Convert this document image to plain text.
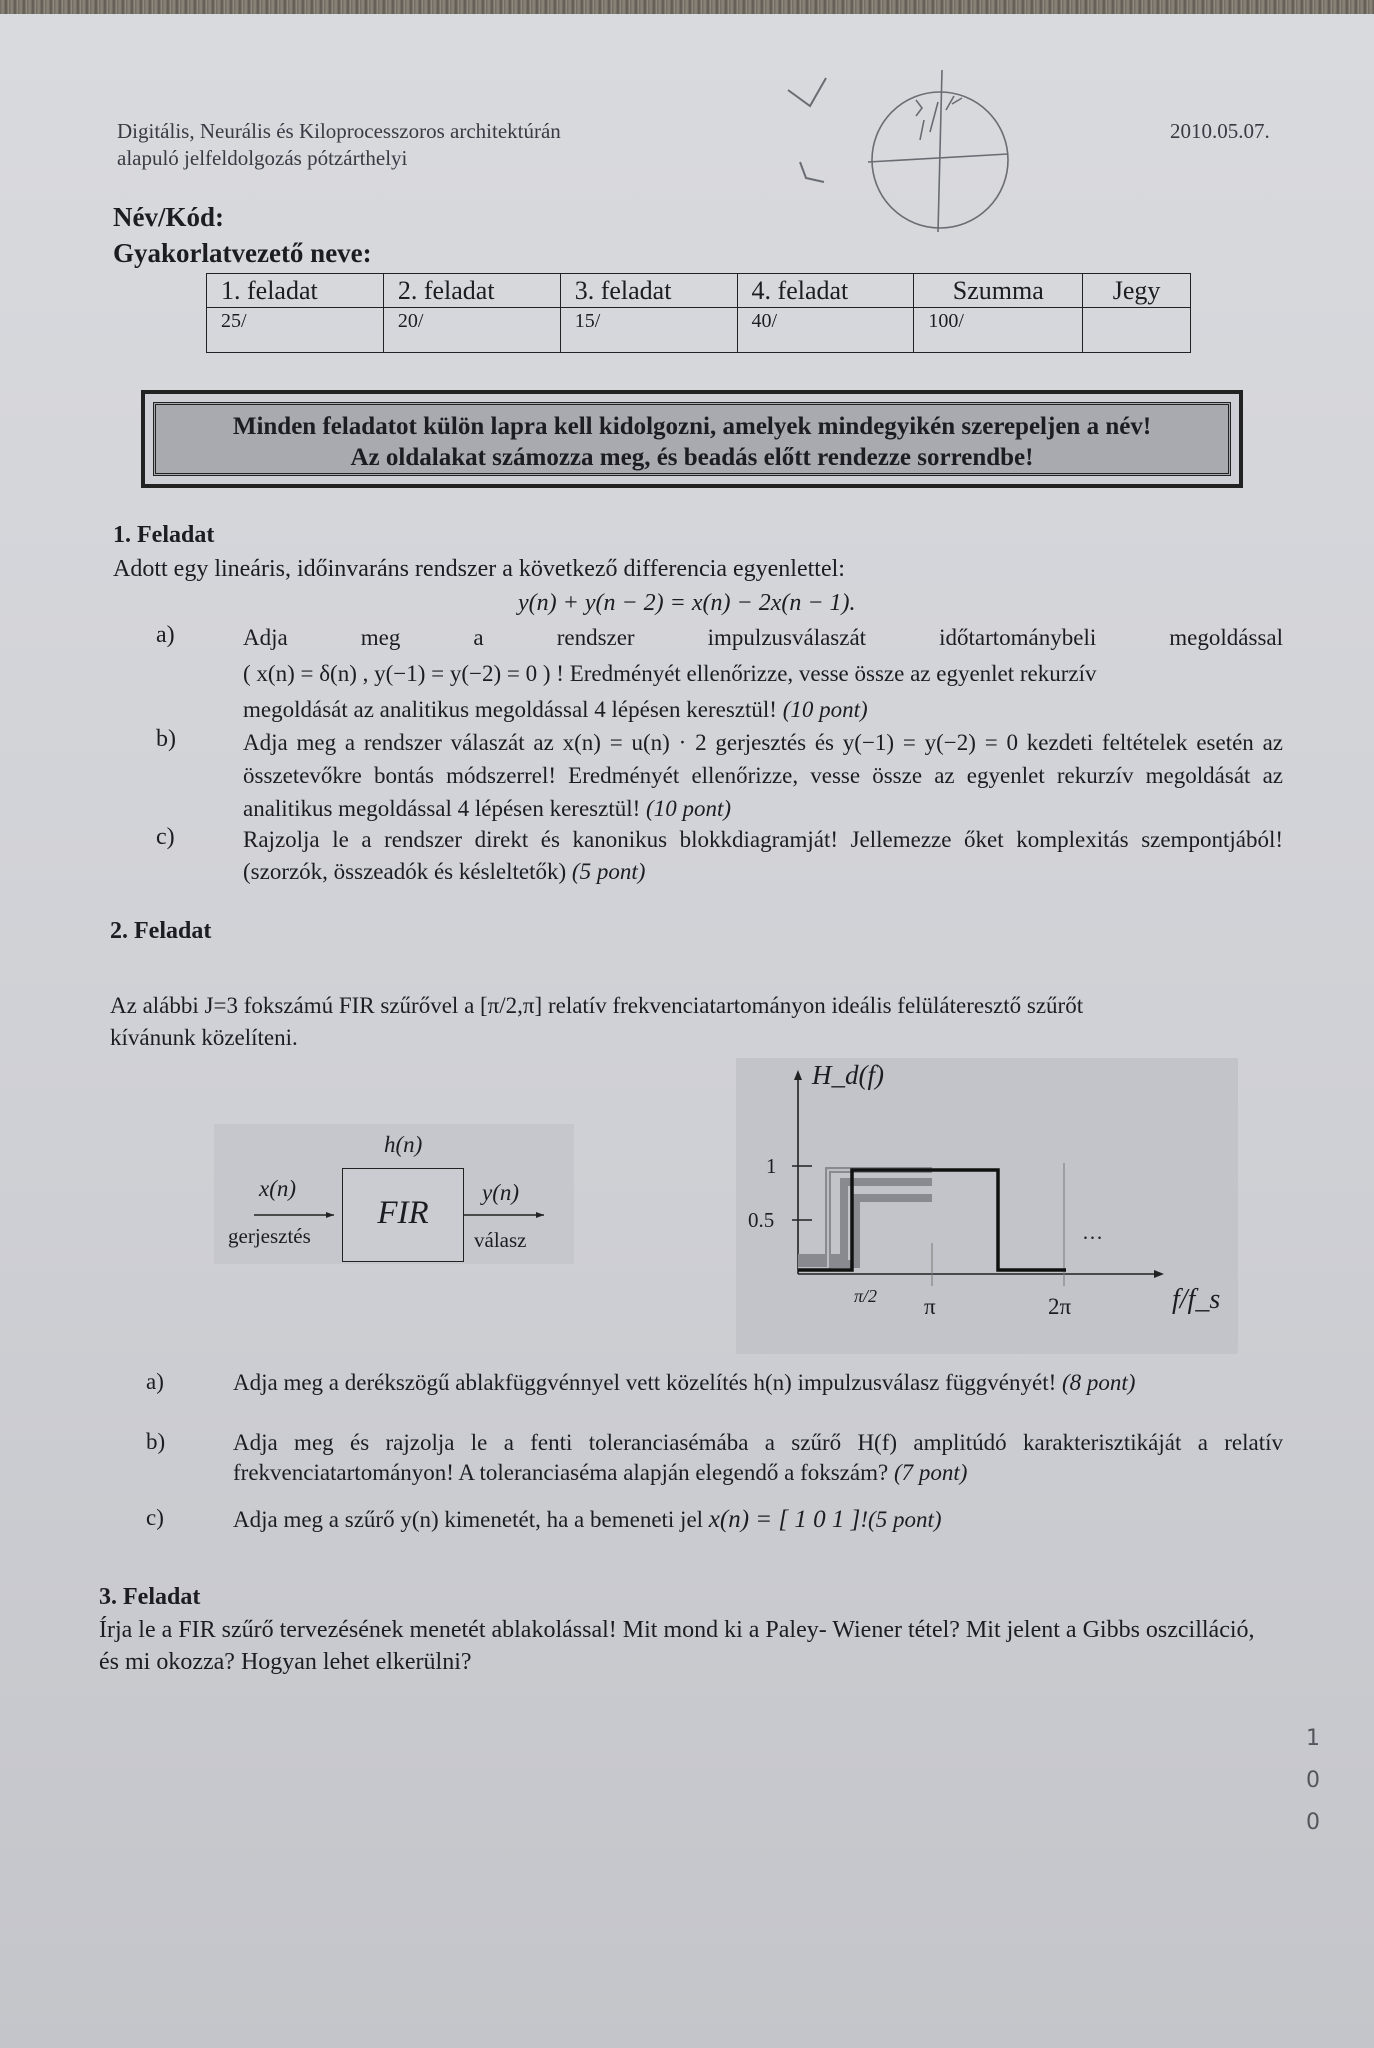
Digitális, Neurális és Kiloprocesszoros architektúrán
alapuló jelfeldolgozás pótzárthelyi
2010.05.07.
Név/Kód:
Gyakorlatvezető neve:
1. feladat	2. feladat	3. feladat	4. feladat	Szumma	Jegy
25/	20/	15/	40/	100/	
Minden feladatot külön lapra kell kidolgozni, amelyek mindegyikén szerepeljen a név!
Az oldalakat számozza meg, és beadás előtt rendezze sorrendbe!
1. Feladat
Adott egy lineáris, időinvaráns rendszer a következő differencia egyenlettel:
y(n) + y(n − 2) = x(n) − 2x(n − 1).
a)	Adja meg a rendszer impulzusválaszát időtartománybeli megoldással
( x(n) = δ(n) , y(−1) = y(−2) = 0 ) ! Eredményét ellenőrizze, vesse össze az egyenlet rekurzív
megoldását az analitikus megoldással 4 lépésen keresztül! (10 pont)
b)	Adja meg a rendszer válaszát az x(n) = u(n) · 2 gerjesztés és y(−1) = y(−2) = 0 kezdeti feltételek esetén az összetevőkre bontás módszerrel! Eredményét ellenőrizze, vesse össze az egyenlet rekurzív megoldását az analitikus megoldással 4 lépésen keresztül! (10 pont)
c)	Rajzolja le a rendszer direkt és kanonikus blokkdiagramját! Jellemezze őket komplexitás szempontjából! (szorzók, összeadók és késleltetők) (5 pont)
2. Feladat
Az alábbi J=3 fokszámú FIR szűrővel a [π/2,π] relatív frekvenciatartományon ideális felüláteresztő szűrőt
kívánunk közelíteni.
h(n)
x(n)
gerjesztés
FIR
y(n)
válasz
H_d(f)
1
0.5
π/2 π	2π
…
f/f_s
a)	Adja meg a derékszögű ablakfüggvénnyel vett közelítés h(n) impulzusválasz függvényét! (8 pont)
b)	Adja meg és rajzolja le a fenti toleranciasémába a szűrő H(f) amplitúdó karakterisztikáját a relatív frekvenciatartományon! A toleranciaséma alapján elegendő a fokszám? (7 pont)
c)	Adja meg a szűrő y(n) kimenetét, ha a bemeneti jel x(n) = [ 1 0 1 ]!(5 pont)
3. Feladat
Írja le a FIR szűrő tervezésének menetét ablakolással! Mit mond ki a Paley- Wiener tétel? Mit jelent a Gibbs oszcilláció, és mi okozza? Hogyan lehet elkerülni?
1
0
0
